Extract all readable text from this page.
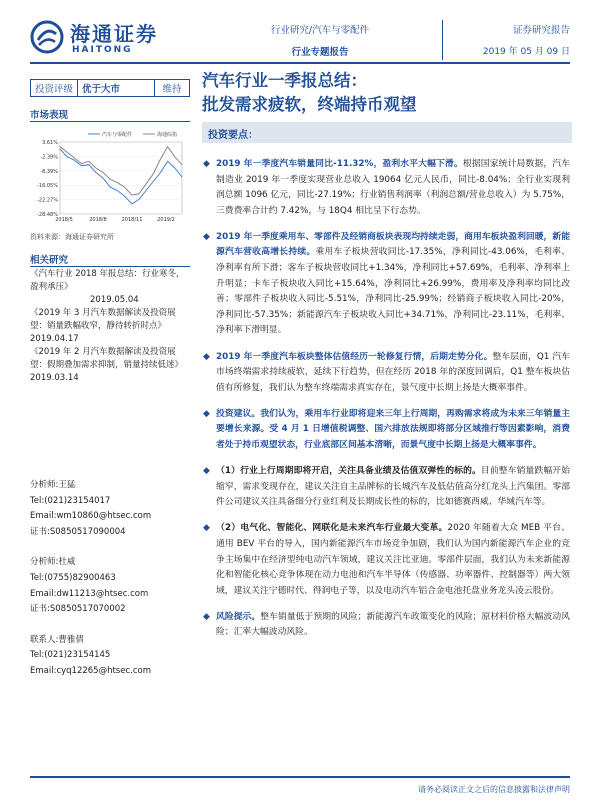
海通证券
HAITONG
行业研究/汽车与零配件
行业专题报告
证券研究报告
2019 年 05 月 09 日
投资评级 优于大市	维持
市场表现
3.61%
-2.39%
-8.39%
-16.05%
-22.27%
-28.48%
2018/5	2018/8	2018/11	2019/2
汽车与零配件	海通综指
资料来源：海通证券研究所
相关研究
《汽车行业 2018 年报总结：行业寒冬，盈利承压》
2019.05.04
《2019 年 3 月汽车数据解读及投资展望：销量跌幅收窄，静待转折时点》
2019.04.17
《2019 年 2 月汽车数据解读及投资展望：假期叠加需求抑制，销量持续低迷》
2019.03.14
分析师:王猛
Tel:(021)23154017
Email:wm10860@htsec.com
证书:S0850517090004
分析师:杜威
Tel:(0755)82900463
Email:dw11213@htsec.com
证书:S0850517070002
联系人:曹雅倩
Tel:(021)23154145
Email:cyq12265@htsec.com
汽车行业一季报总结：
批发需求疲软，终端持币观望
投资要点：
◆ 2019 年一季度汽车销量同比-11.32%，盈利水平大幅下滑。根据国家统计局数据，汽车制造业 2019 年一季度实现营业总收入 19064 亿元人民币，同比-8.04%；全行业实现利润总额 1096 亿元，同比-27.19%；行业销售利润率（利润总额/营业总收入）为 5.75%，三费费率合计约 7.42%，与 18Q4 相比呈下行态势。
◆ 2019 年一季度乘用车、零部件及经销商板块表现均持续走弱，商用车板块盈利回暖，新能源汽车营收高增长持续。乘用车子板块营收同比-17.35%，净利同比-43.06%，毛利率、净利率有所下滑；客车子板块营收同比+1.34%，净利同比+57.69%，毛利率、净利率上升明显；卡车子板块收入同比+15.64%，净利同比+26.99%，费用率及净利率均同比改善；零部件子板块收入同比-5.51%，净利同比-25.99%；经销商子板块收入同比-20%，净利同比-57.35%；新能源汽车子板块收入同比+34.71%，净利同比-23.11%，毛利率、净利率下滑明显。
◆ 2019 年一季度汽车板块整体估值经历一轮修复行情，后期走势分化。整车层面，Q1 汽车市场终端需求持续疲软，延续下行趋势，但在经历 2018 年的深度回调后，Q1 整车板块估值有所修复，我们认为整车终端需求真实存在，景气度中长期上扬是大概率事件。
◆ 投资建议。我们认为，乘用车行业即将迎来三年上行周期，再购需求将成为未来三年销量主要增长来源。受 4 月 1 日增值税调整、国六排放法规即将部分区域推行等因素影响，消费者处于持币观望状态，行业底部区间基本清晰，而景气度中长期上扬是大概率事件。
◆ （1）行业上行周期即将开启，关注具备业绩及估值双弹性的标的。目前整车销量跌幅开始缩窄，需求变现存在，建议关注自主品牌标的长城汽车及低估值高分红龙头上汽集团。零部件公司建议关注具备细分行业红利及长期成长性的标的，比如德赛西威、华域汽车等。
◆ （2）电气化、智能化、网联化是未来汽车行业最大变革。2020 年随着大众 MEB 平台、通用 BEV 平台的导入，国内新能源汽车市场竞争加剧，我们认为国内新能源汽车企业的竞争主场集中在经济型纯电动汽车领域，建议关注比亚迪。零部件层面，我们认为未来新能源化和智能化核心竞争体现在动力电池和汽车半导体（传感器、功率器件、控制器等）两大领域，建议关注宁德时代、得润电子等，以及电动汽车铝合金电池托盘业务龙头凌云股份。
◆ 风险提示。整车销量低于预期的风险；新能源汽车政策变化的风险；原材料价格大幅波动风险；汇率大幅波动风险。
请务必阅读正文之后的信息披露和法律声明
